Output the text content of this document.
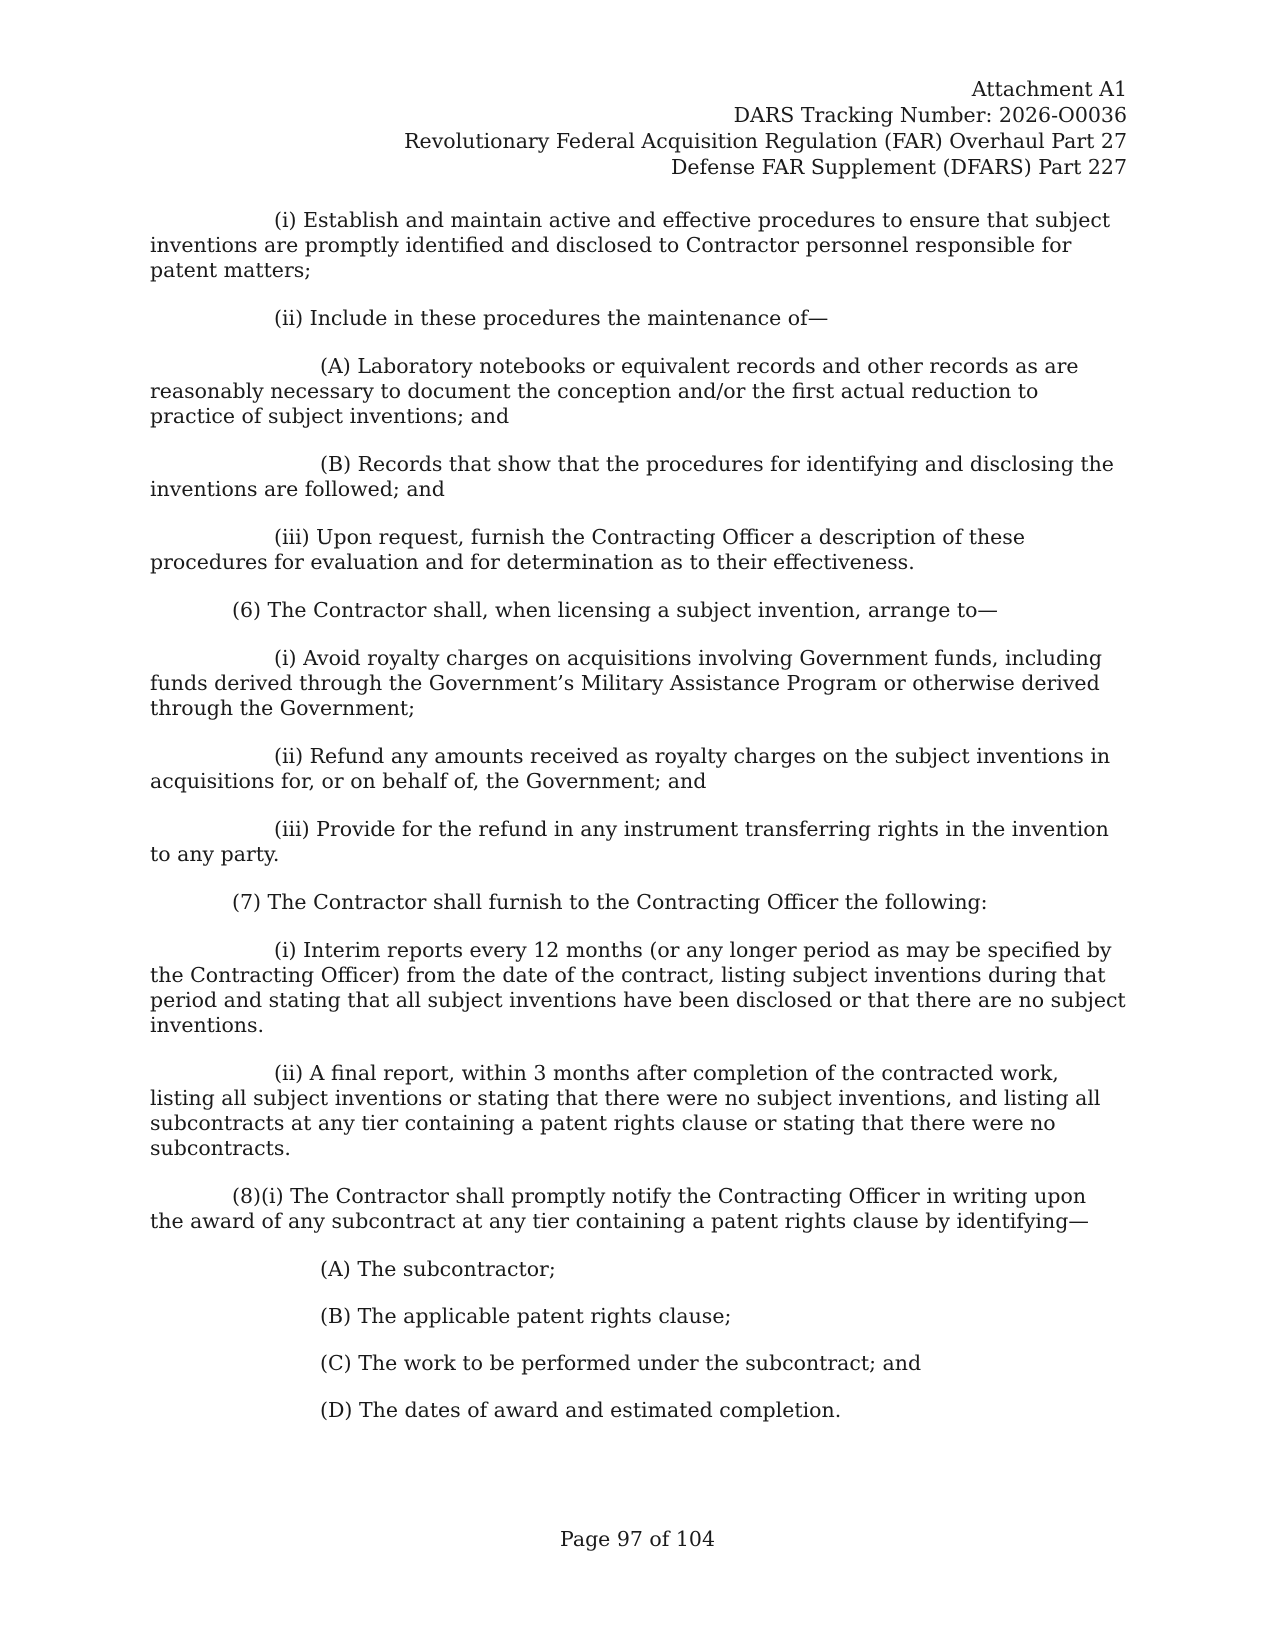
Attachment A1
DARS Tracking Number: 2026-O0036
Revolutionary Federal Acquisition Regulation (FAR) Overhaul Part 27
Defense FAR Supplement (DFARS) Part 227

(i) Establish and maintain active and effective procedures to ensure that subject inventions are promptly identified and disclosed to Contractor personnel responsible for patent matters;

(ii) Include in these procedures the maintenance of—

(A) Laboratory notebooks or equivalent records and other records as are reasonably necessary to document the conception and/or the first actual reduction to practice of subject inventions; and

(B) Records that show that the procedures for identifying and disclosing the inventions are followed; and

(iii) Upon request, furnish the Contracting Officer a description of these procedures for evaluation and for determination as to their effectiveness.

(6) The Contractor shall, when licensing a subject invention, arrange to—

(i) Avoid royalty charges on acquisitions involving Government funds, including funds derived through the Government’s Military Assistance Program or otherwise derived through the Government;

(ii) Refund any amounts received as royalty charges on the subject inventions in acquisitions for, or on behalf of, the Government; and

(iii) Provide for the refund in any instrument transferring rights in the invention to any party.

(7) The Contractor shall furnish to the Contracting Officer the following:

(i) Interim reports every 12 months (or any longer period as may be specified by the Contracting Officer) from the date of the contract, listing subject inventions during that period and stating that all subject inventions have been disclosed or that there are no subject inventions.

(ii) A final report, within 3 months after completion of the contracted work, listing all subject inventions or stating that there were no subject inventions, and listing all subcontracts at any tier containing a patent rights clause or stating that there were no subcontracts.

(8)(i) The Contractor shall promptly notify the Contracting Officer in writing upon the award of any subcontract at any tier containing a patent rights clause by identifying—

(A) The subcontractor;

(B) The applicable patent rights clause;

(C) The work to be performed under the subcontract; and

(D) The dates of award and estimated completion.

Page 97 of 104
